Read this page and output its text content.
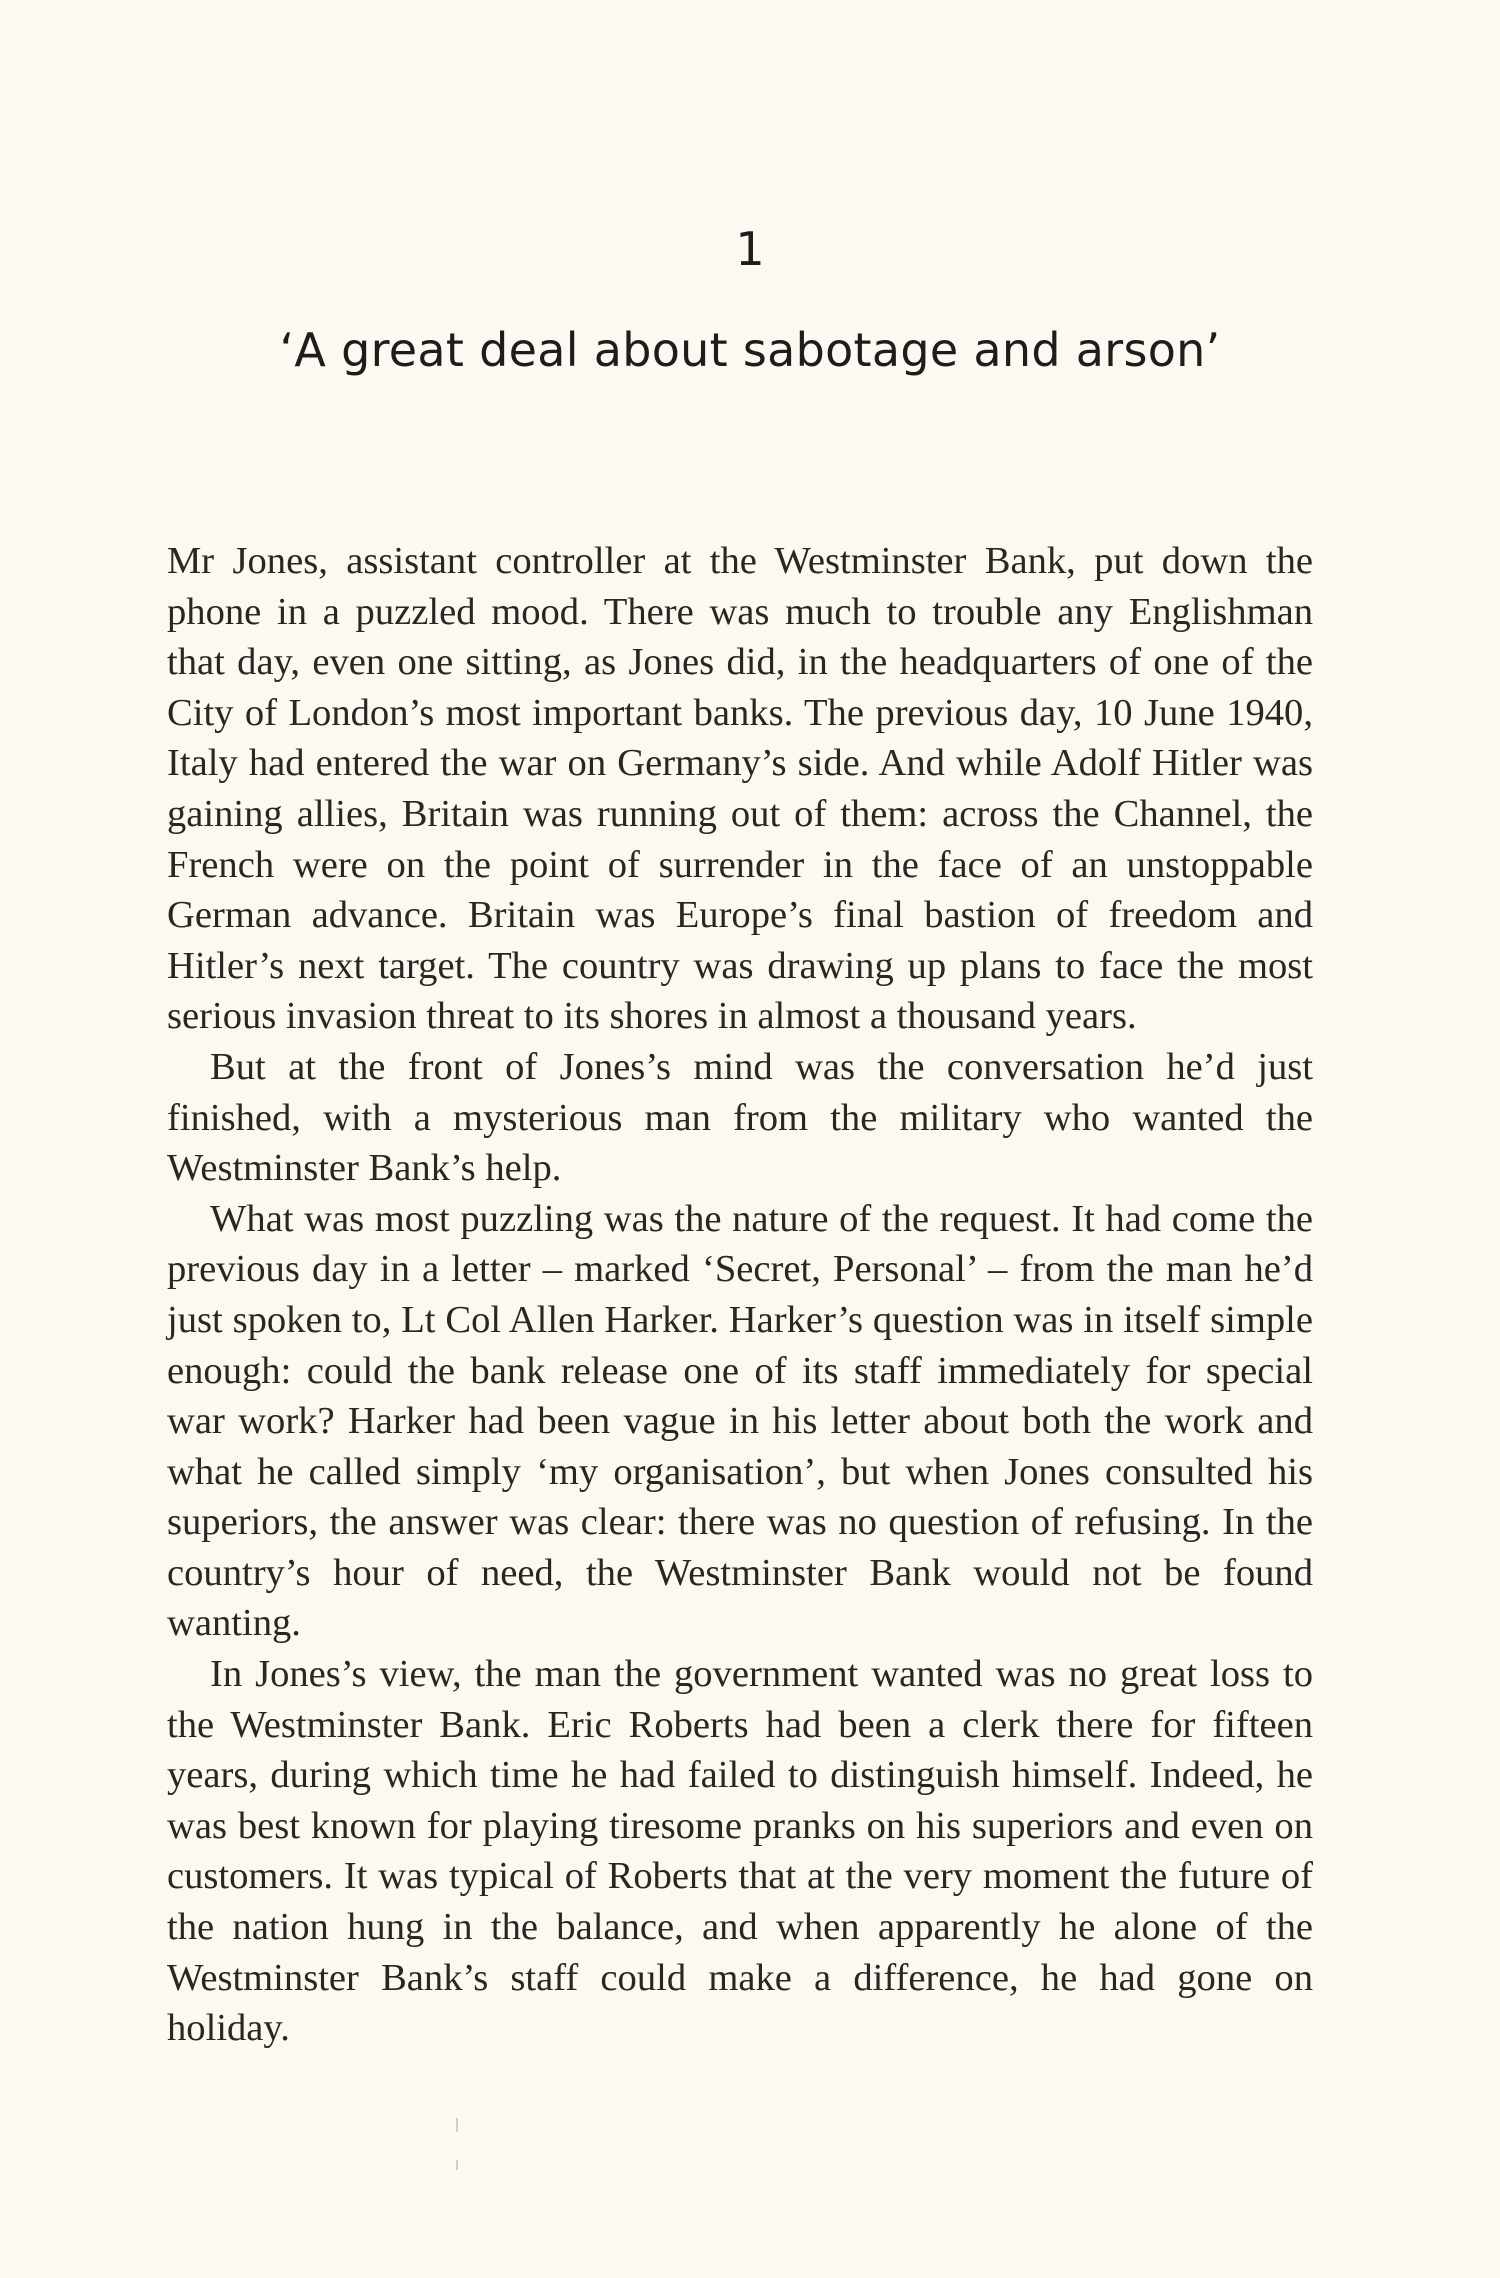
1
‘A great deal about sabotage and arson’

Mr Jones, assistant controller at the Westminster Bank, put down the phone in a puzzled mood. There was much to trouble any Englishman that day, even one sitting, as Jones did, in the headquarters of one of the City of London’s most important banks. The previous day, 10 June 1940, Italy had entered the war on Germany’s side. And while Adolf Hitler was gaining allies, Britain was running out of them: across the Channel, the French were on the point of surrender in the face of an unstoppable German advance. Britain was Europe’s final bastion of freedom and Hitler’s next target. The country was drawing up plans to face the most serious invasion threat to its shores in almost a thousand years.

But at the front of Jones’s mind was the conversation he’d just finished, with a mysterious man from the military who wanted the Westminster Bank’s help.

What was most puzzling was the nature of the request. It had come the previous day in a letter – marked ‘Secret, Personal’ – from the man he’d just spoken to, Lt Col Allen Harker. Harker’s question was in itself simple enough: could the bank release one of its staff immediately for special war work? Harker had been vague in his letter about both the work and what he called simply ‘my organisation’, but when Jones consulted his superiors, the answer was clear: there was no question of refusing. In the country’s hour of need, the Westminster Bank would not be found wanting.

In Jones’s view, the man the government wanted was no great loss to the Westminster Bank. Eric Roberts had been a clerk there for fifteen years, during which time he had failed to distinguish himself. Indeed, he was best known for playing tiresome pranks on his superiors and even on customers. It was typical of Roberts that at the very moment the future of the nation hung in the balance, and when apparently he alone of the Westminster Bank’s staff could make a difference, he had gone on holiday.
